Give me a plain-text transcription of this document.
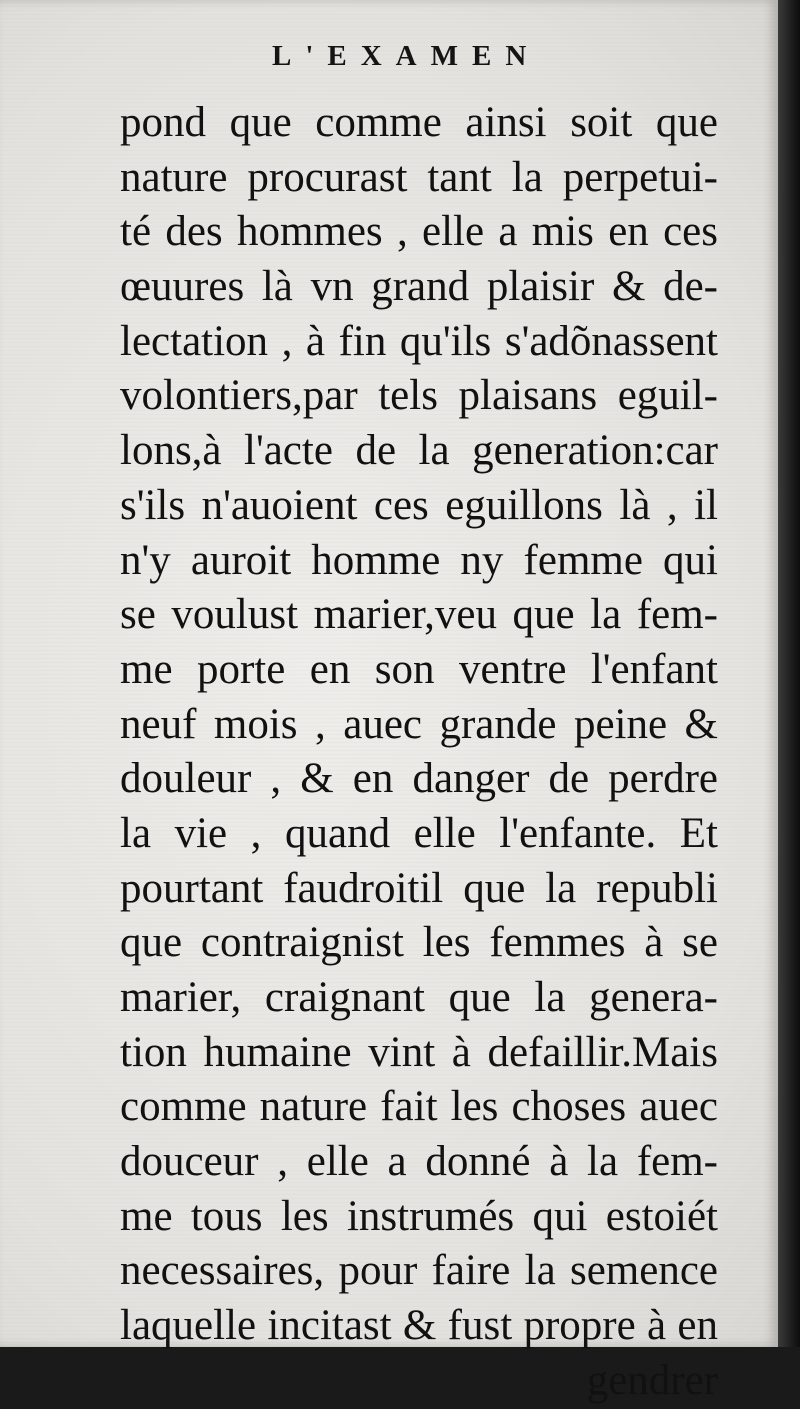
L'EXAMEN
pond que comme ainsi soit que
nature procurast tant la perpetui-
té des hommes , elle a mis en ces
œuures là vn grand plaisir & de-
lectation , à fin qu'ils s'adõnassent
volontiers,par tels plaisans eguil-
lons,à l'acte de la generation:car
s'ils n'auoient ces eguillons là , il
n'y auroit homme ny femme qui
se voulust marier,veu que la fem-
me porte en son ventre l'enfant
neuf mois , auec grande peine &
douleur , & en danger de perdre
la vie , quand elle l'enfante. Et
pourtant faudroitil que la republi
que contraignist les femmes à se
marier, craignant que la genera-
tion humaine vint à defaillir.Mais
comme nature fait les choses auec
douceur , elle a donné à la fem-
me tous les instrumés qui estoiét
necessaires, pour faire la semence
laquelle incitast & fust propre à en
gendrer
